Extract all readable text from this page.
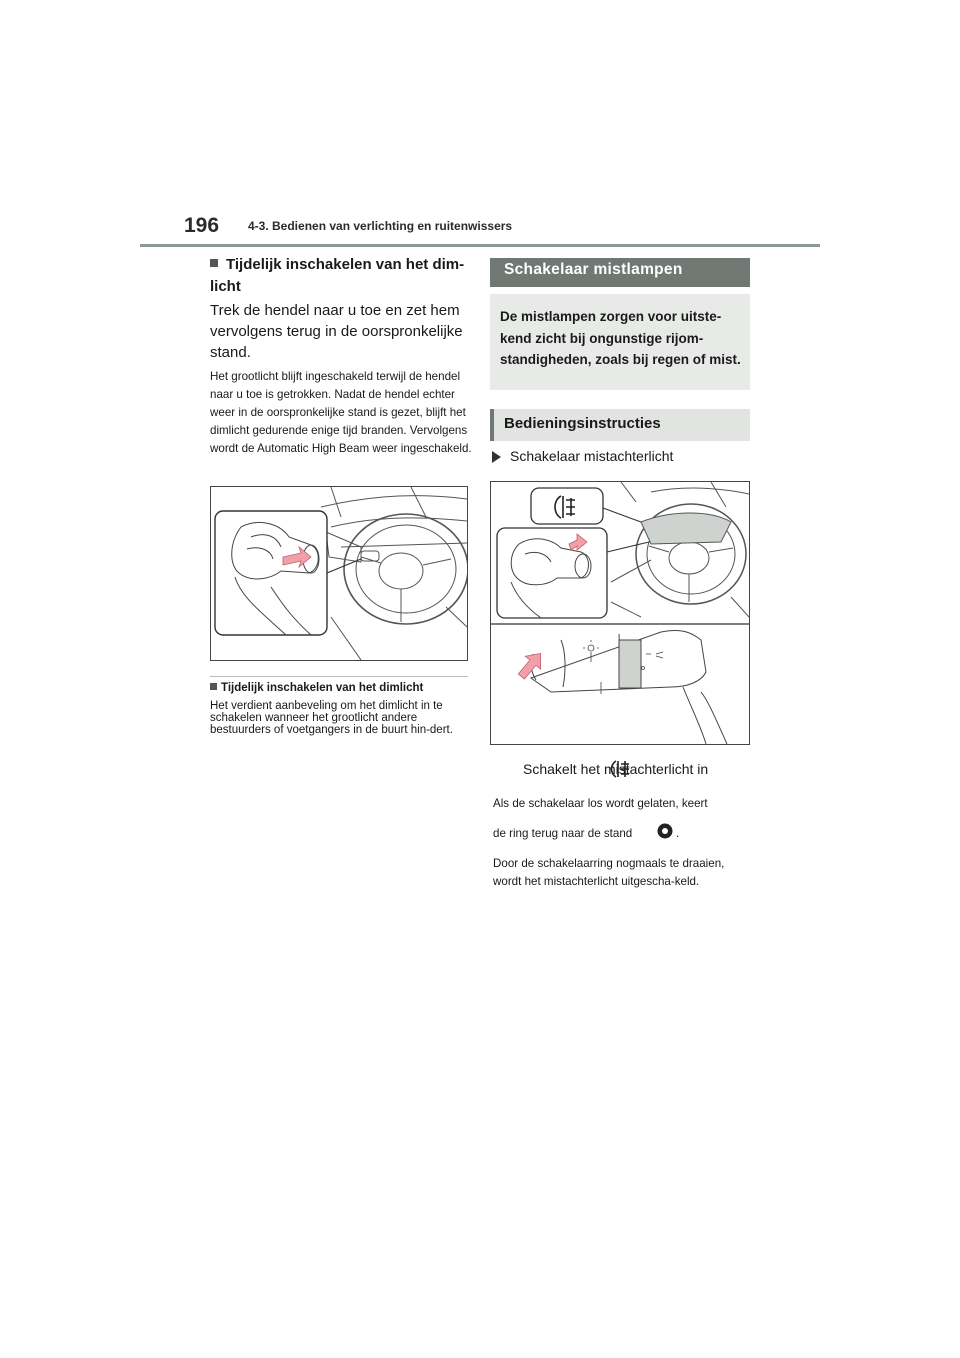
196 4-3. Bedienen van verlichting en ruitenwissers
Tijdelijk inschakelen van het dim-licht
Trek de hendel naar u toe en zet hem vervolgens terug in de oorspronkelijke stand.
Het grootlicht blijft ingeschakeld terwijl de hendel naar u toe is getrokken. Nadat de hendel echter weer in de oorspronkelijke stand is gezet, blijft het dimlicht gedurende enige tijd branden. Vervolgens wordt de Automatic High Beam weer ingeschakeld.
Tijdelijk inschakelen van het dimlicht
Het verdient aanbeveling om het dimlicht in te schakelen wanneer het grootlicht andere bestuurders of voetgangers in de buurt hin-dert.
Schakelaar mistlampen
De mistlampen zorgen voor uitste-kend zicht bij ongunstige rijom-standigheden, zoals bij regen of mist.
Bedieningsinstructies
Schakelaar mistachterlicht
Schakelt het mistachterlicht in
Als de schakelaar los wordt gelaten, keert
de ring terug naar de stand	.
Door de schakelaarring nogmaals te draaien, wordt het mistachterlicht uitgescha-keld.
